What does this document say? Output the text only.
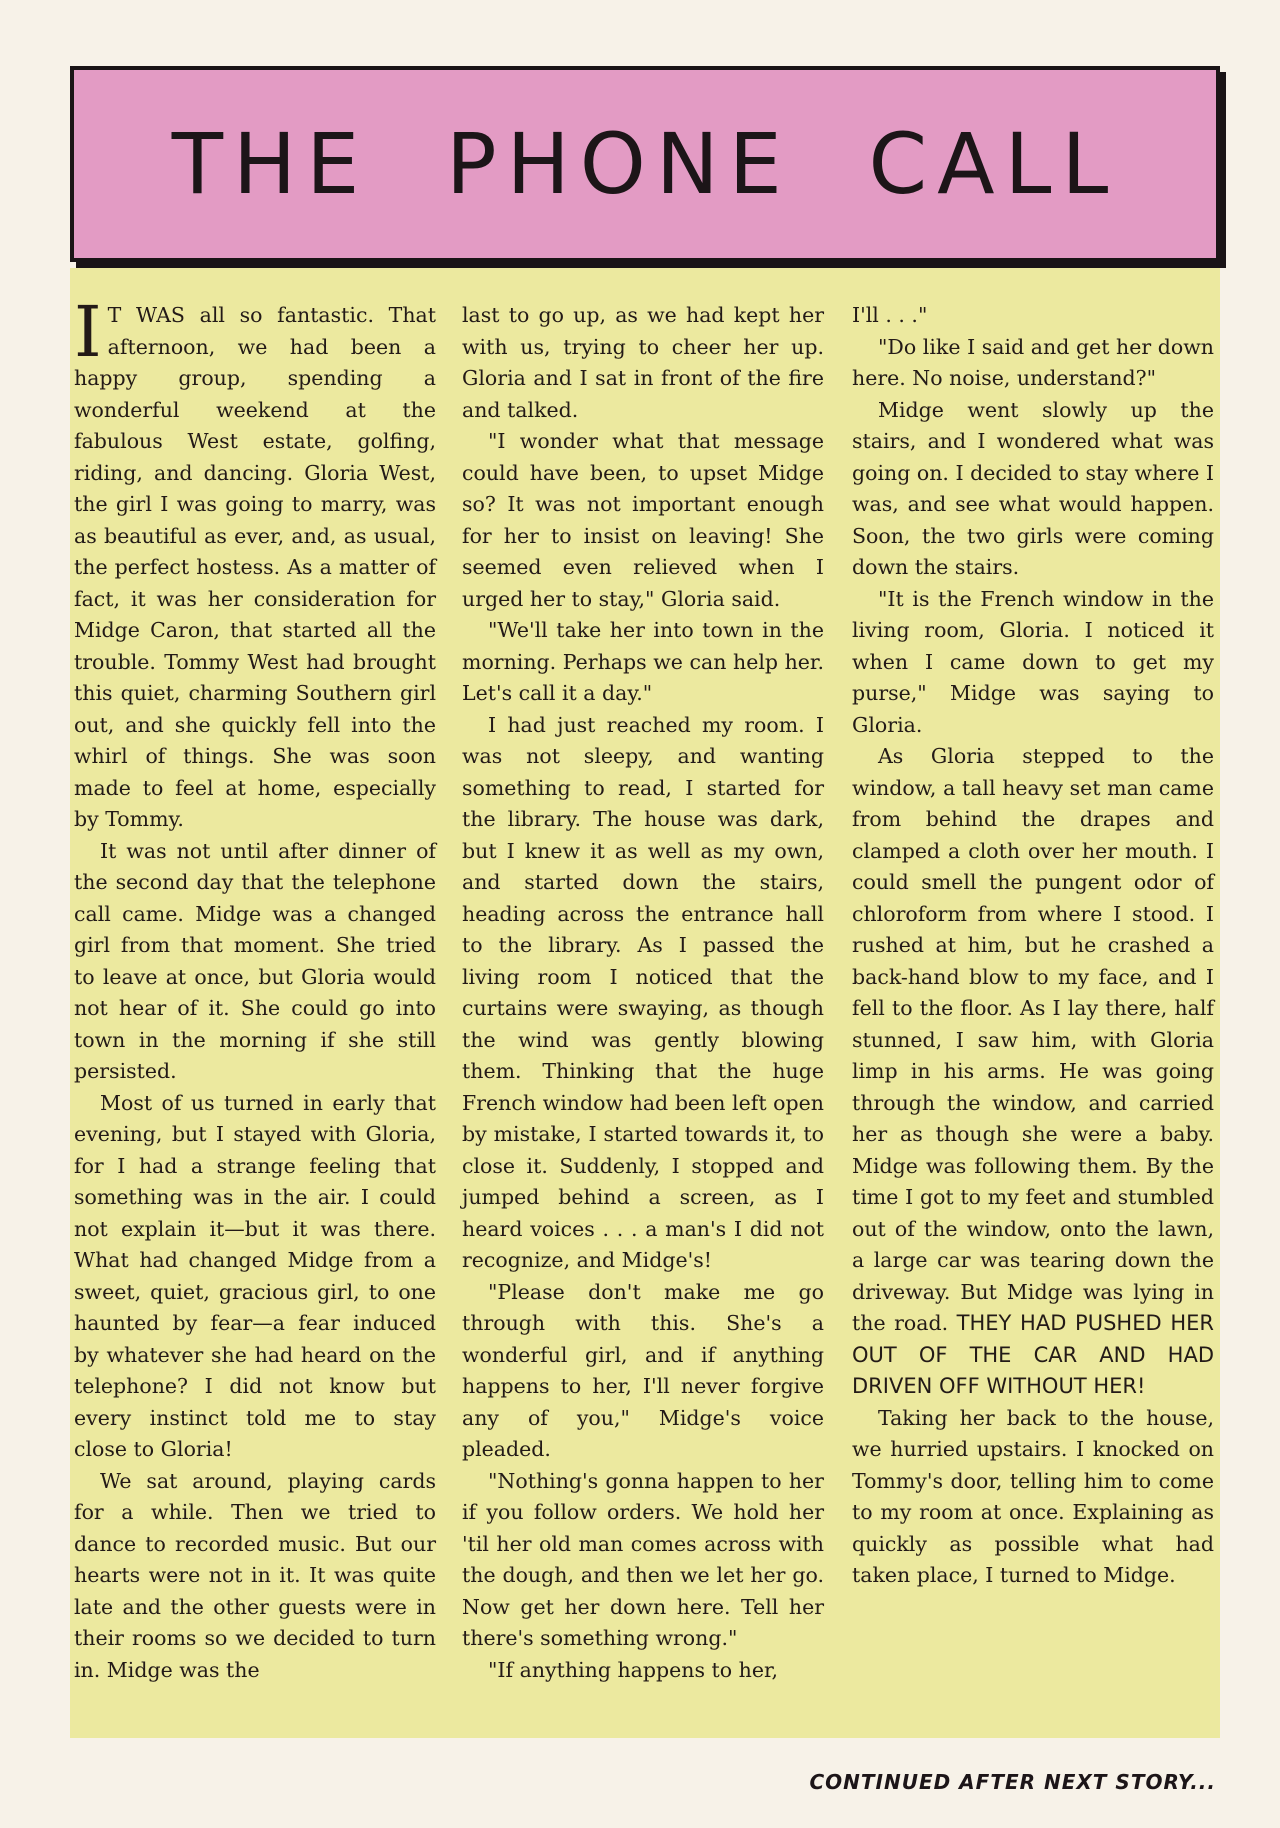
THE PHONE CALL

I T WAS all so fantastic. That afternoon, we had been a happy group, spending a wonderful weekend at the fabulous West estate, golfing, riding, and dancing. Gloria West, the girl I was going to marry, was as beautiful as ever, and, as usual, the perfect hostess. As a matter of fact, it was her consideration for Midge Caron, that started all the trouble. Tommy West had brought this quiet, charming Southern girl out, and she quickly fell into the whirl of things. She was soon made to feel at home, especially by Tommy.

It was not until after dinner of the second day that the telephone call came. Midge was a changed girl from that moment. She tried to leave at once, but Gloria would not hear of it. She could go into town in the morning if she still persisted.

Most of us turned in early that evening, but I stayed with Gloria, for I had a strange feeling that something was in the air. I could not explain it—but it was there. What had changed Midge from a sweet, quiet, gracious girl, to one haunted by fear—a fear induced by whatever she had heard on the telephone? I did not know but every instinct told me to stay close to Gloria!

We sat around, playing cards for a while. Then we tried to dance to recorded music. But our hearts were not in it. It was quite late and the other guests were in their rooms so we decided to turn in. Midge was the

last to go up, as we had kept her with us, trying to cheer her up. Gloria and I sat in front of the fire and talked.

"I wonder what that message could have been, to upset Midge so? It was not important enough for her to insist on leaving! She seemed even relieved when I urged her to stay," Gloria said.

"We'll take her into town in the morning. Perhaps we can help her. Let's call it a day."

I had just reached my room. I was not sleepy, and wanting something to read, I started for the library. The house was dark, but I knew it as well as my own, and started down the stairs, heading across the entrance hall to the library. As I passed the living room I noticed that the curtains were swaying, as though the wind was gently blowing them. Thinking that the huge French window had been left open by mistake, I started towards it, to close it. Suddenly, I stopped and jumped behind a screen, as I heard voices . . . a man's I did not recognize, and Midge's!

"Please don't make me go through with this. She's a wonderful girl, and if anything happens to her, I'll never forgive any of you," Midge's voice pleaded.

"Nothing's gonna happen to her if you follow orders. We hold her 'til her old man comes across with the dough, and then we let her go. Now get her down here. Tell her there's something wrong."

"If anything happens to her,

I'll . . ."

"Do like I said and get her down here. No noise, understand?"

Midge went slowly up the stairs, and I wondered what was going on. I decided to stay where I was, and see what would happen. Soon, the two girls were coming down the stairs.

"It is the French window in the living room, Gloria. I noticed it when I came down to get my purse," Midge was saying to Gloria.

As Gloria stepped to the window, a tall heavy set man came from behind the drapes and clamped a cloth over her mouth. I could smell the pungent odor of chloroform from where I stood. I rushed at him, but he crashed a back-hand blow to my face, and I fell to the floor. As I lay there, half stunned, I saw him, with Gloria limp in his arms. He was going through the window, and carried her as though she were a baby. Midge was following them. By the time I got to my feet and stumbled out of the window, onto the lawn, a large car was tearing down the driveway. But Midge was lying in the road. THEY HAD PUSHED HER OUT OF THE CAR AND HAD DRIVEN OFF WITHOUT HER!

Taking her back to the house, we hurried upstairs. I knocked on Tommy's door, telling him to come to my room at once. Explaining as quickly as possible what had taken place, I turned to Midge.

CONTINUED AFTER NEXT STORY...
